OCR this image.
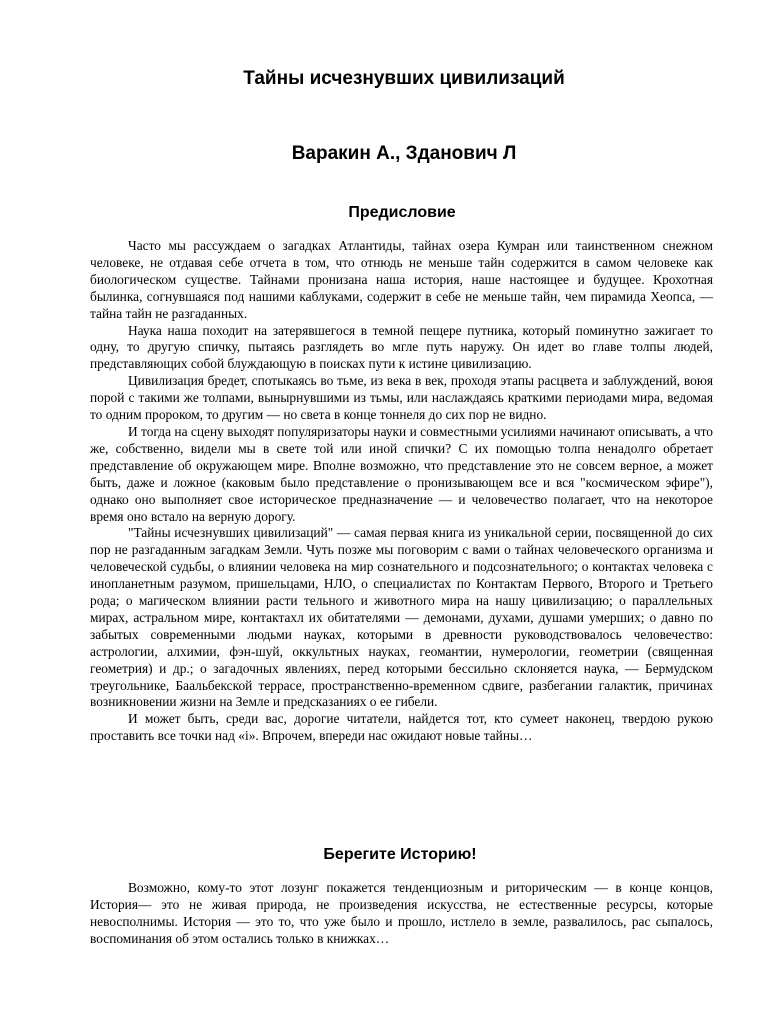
Тайны исчезнувших цивилизаций
Варакин А., Зданович Л
Предисловие

Часто мы рассуждаем о загадках Атлантиды, тайнах озера Кумран или таинственном снежном человеке, не отдавая себе отчета в том, что отнюдь не меньше тайн содержится в самом человеке как биологическом существе. Тайнами пронизана наша история, наше настоящее и будущее. Крохотная былинка, согнувшаяся под нашими каблуками, содержит в себе не меньше тайн, чем пирамида Хеопса, — тайна тайн не разгаданных.

Наука наша походит на затерявшегося в темной пещере путника, который поминутно зажигает то одну, то другую спичку, пытаясь разглядеть во мгле путь наружу. Он идет во главе толпы людей, представляющих собой блуждающую в поисках пути к истине цивилизацию.

Цивилизация бредет, спотыкаясь во тьме, из века в век, проходя этапы расцвета и заблуждений, воюя порой с такими же толпами, вынырнувшими из тьмы, или наслаждаясь краткими периодами мира, ведомая то одним пророком, то другим — но света в конце тоннеля до сих пор не видно.

И тогда на сцену выходят популяризаторы науки и совместными усилиями начинают описывать, а что же, собственно, видели мы в свете той или иной спички? С их помощью толпа ненадолго обретает представление об окружающем мире. Вполне возможно, что представление это не совсем верное, а может быть, даже и ложное (каковым было представление о пронизывающем все и вся "космическом эфире"), однако оно выполняет свое историческое предназначение — и человечество полагает, что на некоторое время оно встало на верную дорогу.

"Тайны исчезнувших цивилизаций" — самая первая книга из уникальной серии, посвященной до сих пор не разгаданным загадкам Земли. Чуть позже мы поговорим с вами о тайнах человеческого организма и человеческой судьбы, о влиянии человека на мир сознательного и подсознательного; о контактах человека с инопланетным разумом, пришельцами, НЛО, о специалистах по Контактам Первого, Второго и Третьего рода; о магическом влиянии расти тельного и животного мира на нашу цивилизацию; о параллельных мирах, астральном мире, контактахл их обитателями — демонами, духами, душами умерших; о давно по забытых современными людьми науках, которыми в древности руководствовалось человечество: астрологии, алхимии, фэн-шуй, оккультных науках, геомантии, нумерологии, геометрии (священная геометрия) и др.; о загадочных явлениях, перед которыми бессильно склоняется наука, — Бермудском треугольнике, Баальбекской террасе, пространственно-временном сдвиге, разбегании галактик, причинах возникновении жизни на Земле и предсказаниях о ее гибели.

И может быть, среди вас, дорогие читатели, найдется тот, кто сумеет наконец, твердою рукою проставить все точки над «і». Впрочем, впереди нас ожидают новые тайны…

Берегите Историю!

Возможно, кому-то этот лозунг покажется тенденциозным и риторическим — в конце концов, История— это не живая природа, не произведения искусства, не естественные ресурсы, которые невосполнимы. История — это то, что уже было и прошло, истлело в земле, развалилось, рас сыпалось, воспоминания об этом остались только в книжках…
